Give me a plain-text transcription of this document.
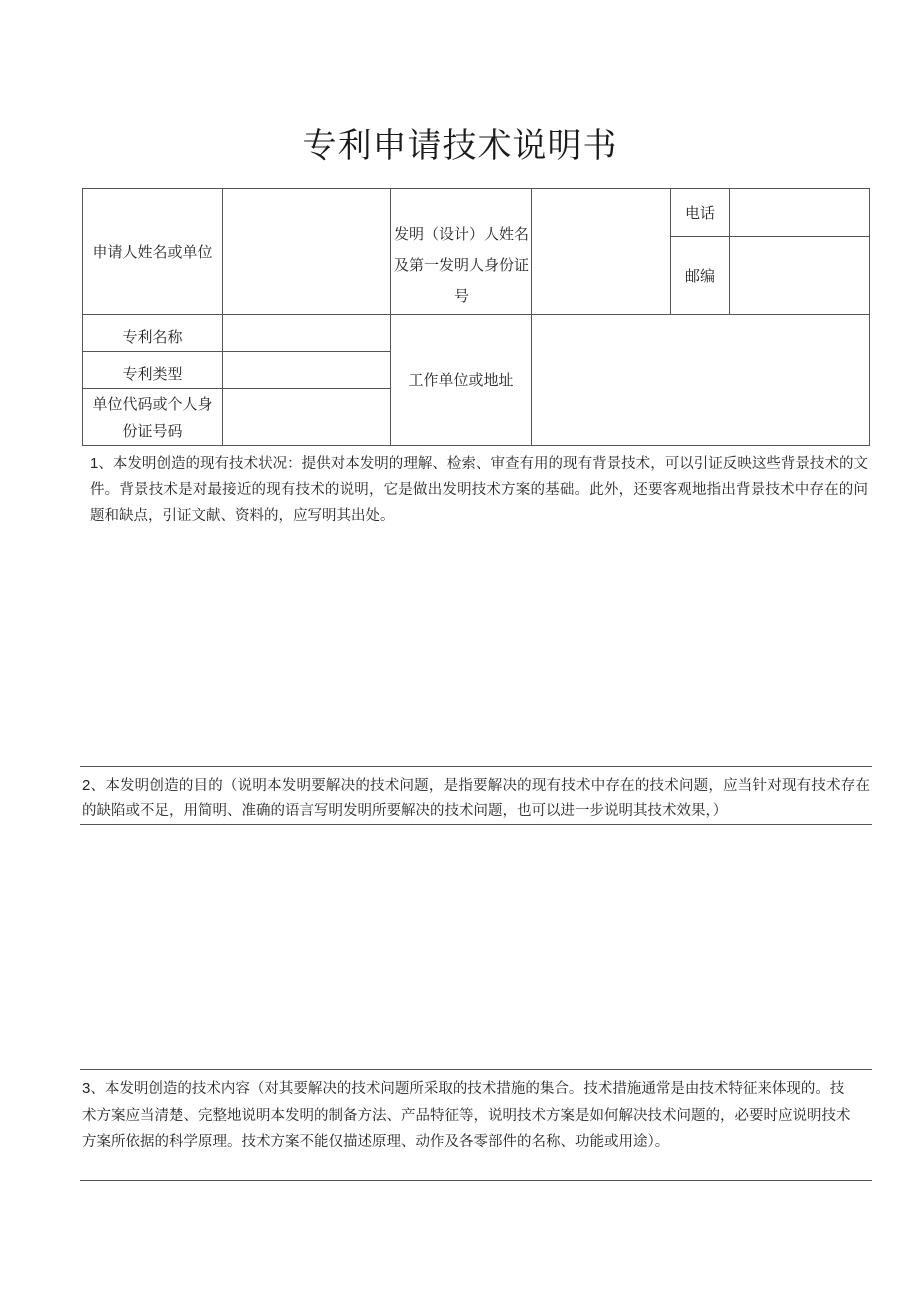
专利申请技术说明书
申请人姓名或单位
发明（设计）人姓名及第一发明人身份证号
电话
邮编
专利名称
专利类型
单位代码或个人身份证号码
工作单位或地址
1、本发明创造的现有技术状况：提供对本发明的理解、检索、审查有用的现有背景技术，可以引证反映这些背景技术的文件。背景技术是对最接近的现有技术的说明，它是做出发明技术方案的基础。此外，还要客观地指出背景技术中存在的问题和缺点，引证文献、资料的，应写明其出处。
2、本发明创造的目的（说明本发明要解决的技术问题，是指要解决的现有技术中存在的技术问题，应当针对现有技术存在的缺陷或不足，用简明、准确的语言写明发明所要解决的技术问题，也可以进一步说明其技术效果，）
3、本发明创造的技术内容（对其要解决的技术问题所采取的技术措施的集合。技术措施通常是由技术特征来体现的。技术方案应当清楚、完整地说明本发明的制备方法、产品特征等，说明技术方案是如何解决技术问题的，必要时应说明技术方案所依据的科学原理。技术方案不能仅描述原理、动作及各零部件的名称、功能或用途）。
